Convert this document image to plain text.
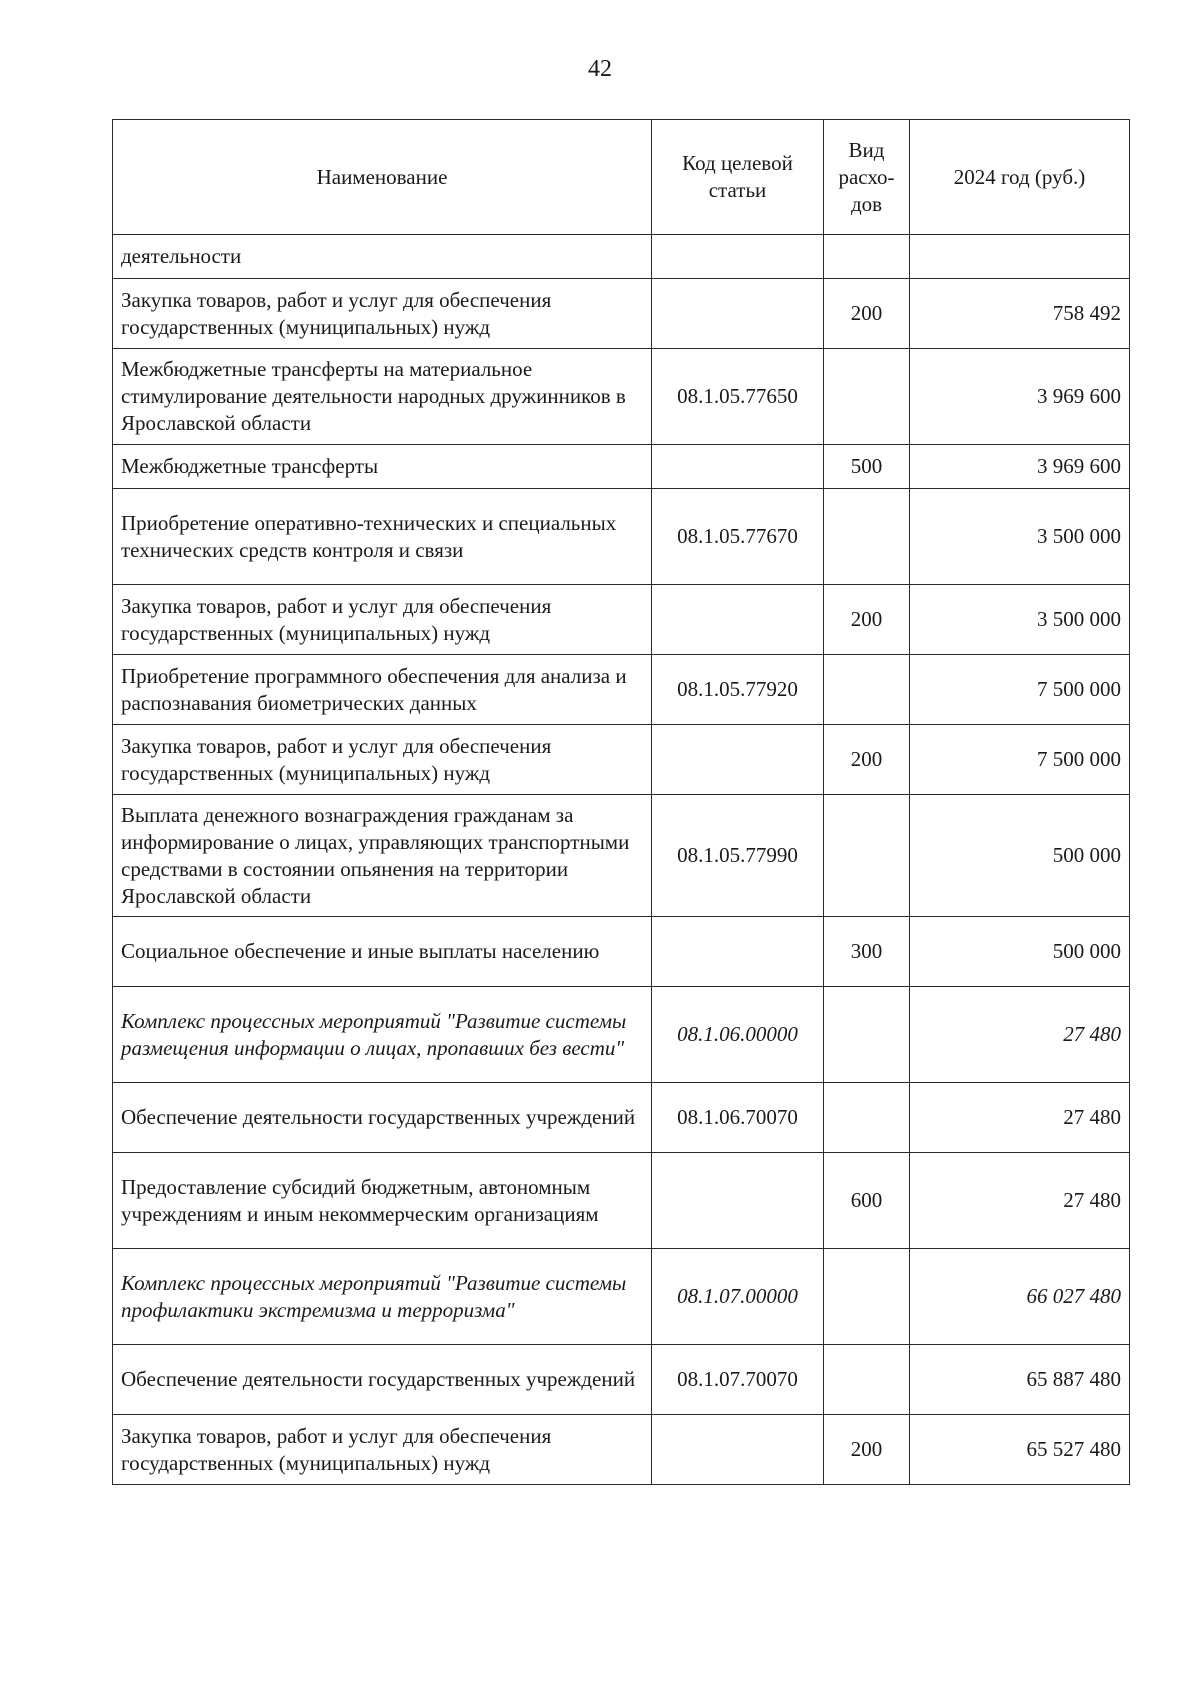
42
Наименование	Код целевой статьи	Вид расхо-дов	2024 год (руб.)
деятельности			
Закупка товаров, работ и услуг для обеспечения государственных (муниципальных) нужд		200	758 492
Межбюджетные трансферты на материальное стимулирование деятельности народных дружинников в Ярославской области	08.1.05.77650		3 969 600
Межбюджетные трансферты		500	3 969 600
Приобретение оперативно-технических и специальных технических средств контроля и связи	08.1.05.77670		3 500 000
Закупка товаров, работ и услуг для обеспечения государственных (муниципальных) нужд		200	3 500 000
Приобретение программного обеспечения для анализа и распознавания биометрических данных	08.1.05.77920		7 500 000
Закупка товаров, работ и услуг для обеспечения государственных (муниципальных) нужд		200	7 500 000
Выплата денежного вознаграждения гражданам за информирование о лицах, управляющих транспортными средствами в состоянии опьянения на территории Ярославской области	08.1.05.77990		500 000
Социальное обеспечение и иные выплаты населению		300	500 000
Комплекс процессных мероприятий "Развитие системы размещения информации о лицах, пропавших без вести"	08.1.06.00000		27 480
Обеспечение деятельности государственных учреждений	08.1.06.70070		27 480
Предоставление субсидий бюджетным, автономным учреждениям и иным некоммерческим организациям		600	27 480
Комплекс процессных мероприятий "Развитие системы профилактики экстремизма и терроризма"	08.1.07.00000		66 027 480
Обеспечение деятельности государственных учреждений	08.1.07.70070		65 887 480
Закупка товаров, работ и услуг для обеспечения государственных (муниципальных) нужд		200	65 527 480
